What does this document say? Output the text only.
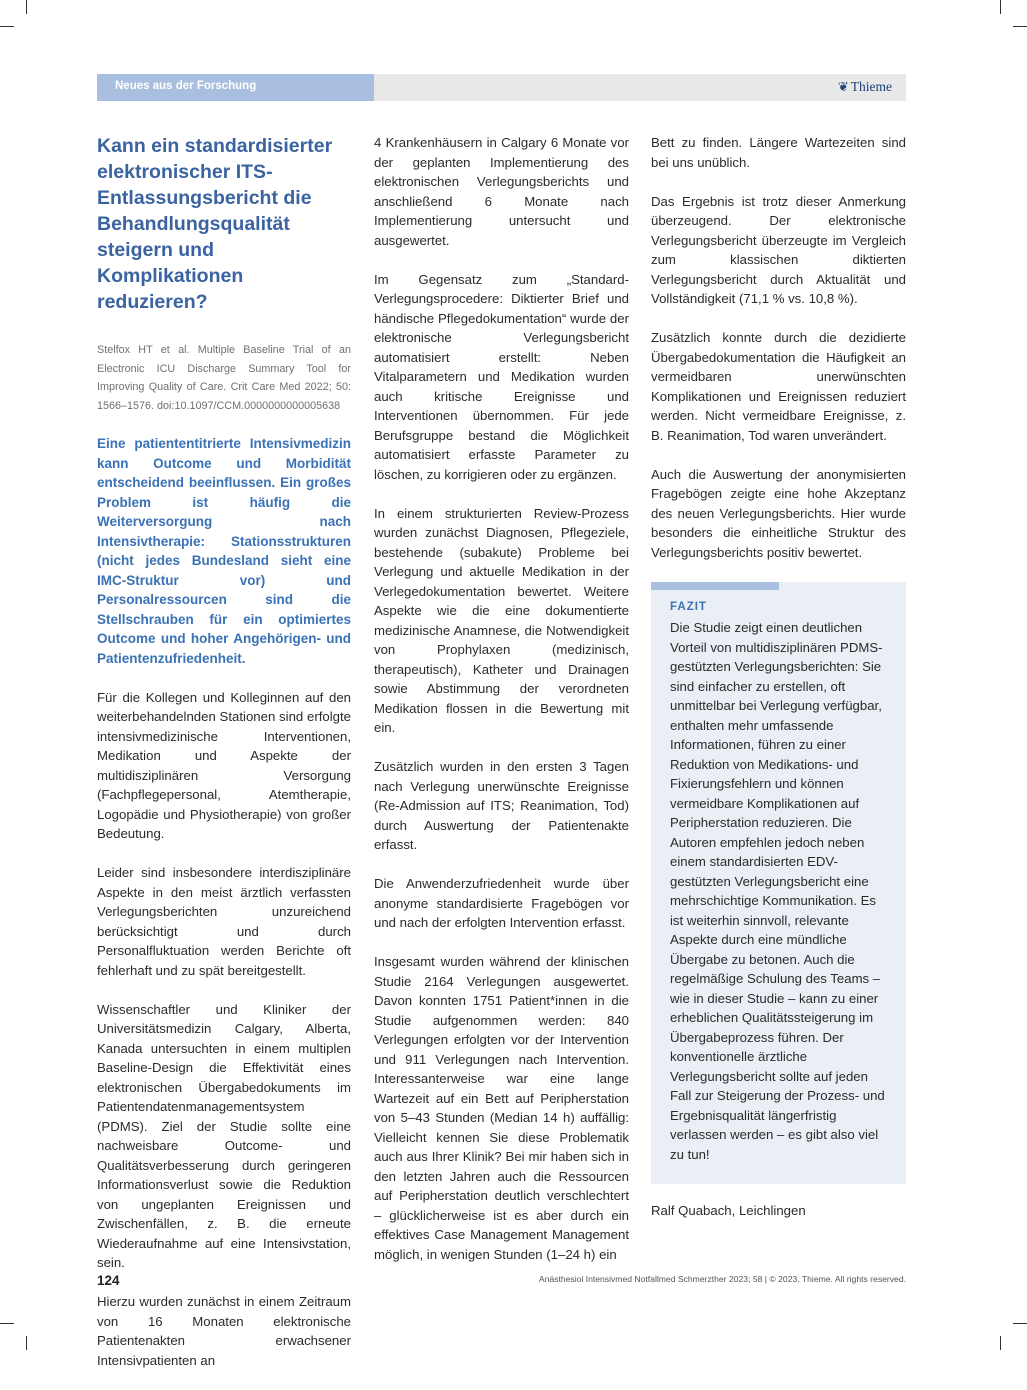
Neues aus der Forschung	❦ Thieme
Kann ein standardisierter elektronischer ITS-Entlassungsbericht die Behandlungsqualität steigern und Komplikationen reduzieren?

Stelfox HT et al. Multiple Baseline Trial of an Electronic ICU Discharge Summary Tool for Improving Quality of Care. Crit Care Med 2022; 50: 1566–1576. doi:10.1097/CCM.0000000000005638

Eine patiententitrierte Intensivmedizin kann Outcome und Morbidität entscheidend beeinflussen. Ein großes Problem ist häufig die Weiterversorgung nach Intensivtherapie: Stationsstrukturen (nicht jedes Bundesland sieht eine IMC-Struktur vor) und Personalressourcen sind die Stellschrauben für ein optimiertes Outcome und hoher Angehörigen- und Patientenzufriedenheit.

Für die Kollegen und Kolleginnen auf den weiterbehandelnden Stationen sind erfolgte intensivmedizinische Interventionen, Medikation und Aspekte der multidisziplinären Versorgung (Fachpflegepersonal, Atemtherapie, Logopädie und Physiotherapie) von großer Bedeutung.

Leider sind insbesondere interdisziplinäre Aspekte in den meist ärztlich verfassten Verlegungsberichten unzureichend berücksichtigt und durch Personalfluktuation werden Berichte oft fehlerhaft und zu spät bereitgestellt.

Wissenschaftler und Kliniker der Universitätsmedizin Calgary, Alberta, Kanada untersuchten in einem multiplen Baseline-Design die Effektivität eines elektronischen Übergabedokuments im Patientendatenmanagementsystem (PDMS). Ziel der Studie sollte eine nachweisbare Outcome- und Qualitätsverbesserung durch geringeren Informationsverlust sowie die Reduktion von ungeplanten Ereignissen und Zwischenfällen, z. B. die erneute Wiederaufnahme auf eine Intensivstation, sein.

Hierzu wurden zunächst in einem Zeitraum von 16 Monaten elektronische Patientenakten erwachsener Intensivpatienten an

4 Krankenhäusern in Calgary 6 Monate vor der geplanten Implementierung des elektronischen Verlegungsberichts und anschließend 6 Monate nach Implementierung untersucht und ausgewertet.

Im Gegensatz zum „Standard-Verlegungsprocedere: Diktierter Brief und händische Pflegedokumentation“ wurde der elektronische Verlegungsbericht automatisiert erstellt: Neben Vitalparametern und Medikation wurden auch kritische Ereignisse und Interventionen übernommen. Für jede Berufsgruppe bestand die Möglichkeit automatisiert erfasste Parameter zu löschen, zu korrigieren oder zu ergänzen.

In einem strukturierten Review-Prozess wurden zunächst Diagnosen, Pflegeziele, bestehende (subakute) Probleme bei Verlegung und aktuelle Medikation in der Verlegedokumentation bewertet. Weitere Aspekte wie die eine dokumentierte medizinische Anamnese, die Notwendigkeit von Prophylaxen (medizinisch, therapeutisch), Katheter und Drainagen sowie Abstimmung der verordneten Medikation flossen in die Bewertung mit ein.

Zusätzlich wurden in den ersten 3 Tagen nach Verlegung unerwünschte Ereignisse (Re-Admission auf ITS; Reanimation, Tod) durch Auswertung der Patientenakte erfasst.

Die Anwenderzufriedenheit wurde über anonyme standardisierte Fragebögen vor und nach der erfolgten Intervention erfasst.

Insgesamt wurden während der klinischen Studie 2164 Verlegungen ausgewertet. Davon konnten 1751 Patient*innen in die Studie aufgenommen werden: 840 Verlegungen erfolgten vor der Intervention und 911 Verlegungen nach Intervention. Interessanterweise war eine lange Wartezeit auf ein Bett auf Peripherstation von 5–43 Stunden (Median 14 h) auffällig: Vielleicht kennen Sie diese Problematik auch aus Ihrer Klinik? Bei mir haben sich in den letzten Jahren auch die Ressourcen auf Peripherstation deutlich verschlechtert – glücklicherweise ist es aber durch ein effektives Case Management Management möglich, in wenigen Stunden (1–24 h) ein

Bett zu finden. Längere Wartezeiten sind bei uns unüblich.

Das Ergebnis ist trotz dieser Anmerkung überzeugend. Der elektronische Verlegungsbericht überzeugte im Vergleich zum klassischen diktierten Verlegungsbericht durch Aktualität und Vollständigkeit (71,1 % vs. 10,8 %).

Zusätzlich konnte durch die dezidierte Übergabedokumentation die Häufigkeit an vermeidbaren unerwünschten Komplikationen und Ereignissen reduziert werden. Nicht vermeidbare Ereignisse, z. B. Reanimation, Tod waren unverändert.

Auch die Auswertung der anonymisierten Fragebögen zeigte eine hohe Akzeptanz des neuen Verlegungsberichts. Hier wurde besonders die einheitliche Struktur des Verlegungsberichts positiv bewertet.

FAZIT
Die Studie zeigt einen deutlichen Vorteil von multidisziplinären PDMS-gestützten Verlegungsberichten: Sie sind einfacher zu erstellen, oft unmittelbar bei Verlegung verfügbar, enthalten mehr umfassende Informationen, führen zu einer Reduktion von Medikations- und Fixierungsfehlern und können vermeidbare Komplikationen auf Peripherstation reduzieren. Die Autoren empfehlen jedoch neben einem standardisierten EDV-gestützten Verlegungsbericht eine mehrschichtige Kommunikation. Es ist weiterhin sinnvoll, relevante Aspekte durch eine mündliche Übergabe zu betonen. Auch die regelmäßige Schulung des Teams – wie in dieser Studie – kann zu einer erheblichen Qualitätssteigerung im Übergabeprozess führen. Der konventionelle ärztliche Verlegungsbericht sollte auf jeden Fall zur Steigerung der Prozess- und Ergebnisqualität längerfristig verlassen werden – es gibt also viel zu tun!

Ralf Quabach, Leichlingen

124	Anästhesiol Intensivmed Notfallmed Schmerzther 2023; 58 | © 2023. Thieme. All rights reserved.
